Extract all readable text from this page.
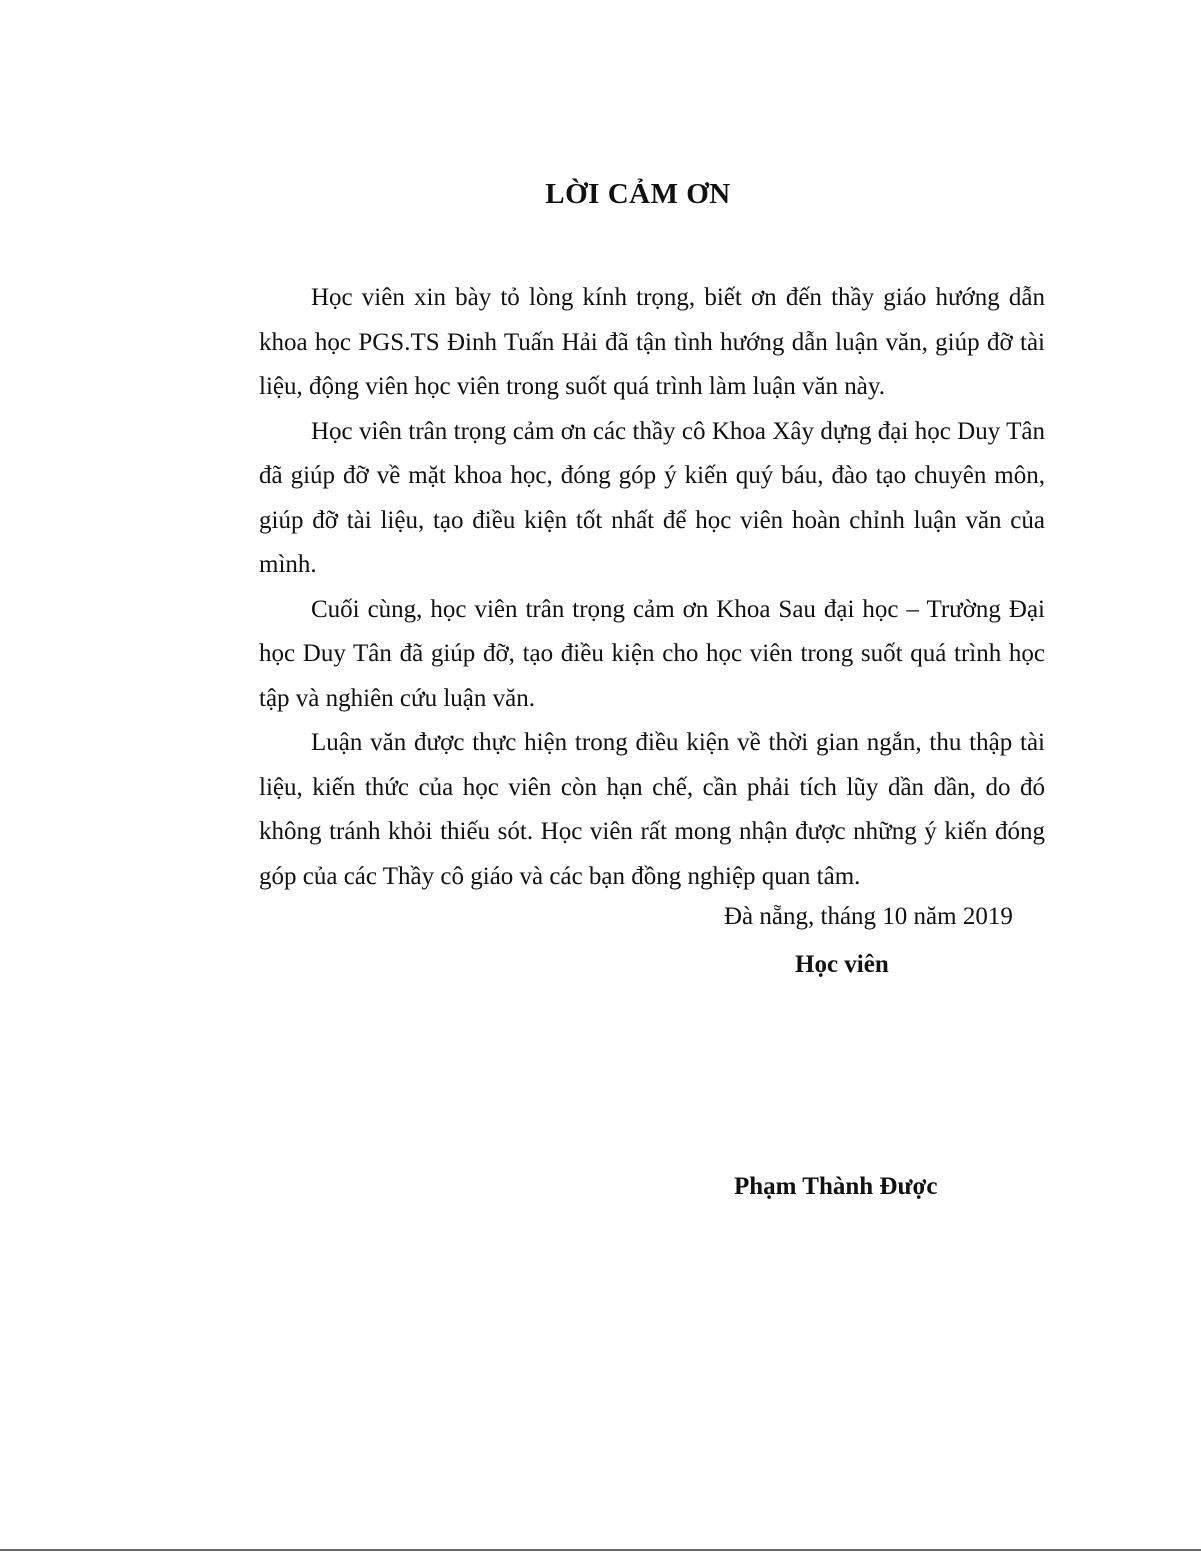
LỜI CẢM ƠN

Học viên xin bày tỏ lòng kính trọng, biết ơn đến thầy giáo hướng dẫn khoa học PGS.TS Đinh Tuấn Hải đã tận tình hướng dẫn luận văn, giúp đỡ tài liệu, động viên học viên trong suốt quá trình làm luận văn này.

Học viên trân trọng cảm ơn các thầy cô Khoa Xây dựng đại học Duy Tân đã giúp đỡ về mặt khoa học, đóng góp ý kiến quý báu, đào tạo chuyên môn, giúp đỡ tài liệu, tạo điều kiện tốt nhất để học viên hoàn chỉnh luận văn của mình.

Cuối cùng, học viên trân trọng cảm ơn Khoa Sau đại học – Trường Đại học Duy Tân đã giúp đỡ, tạo điều kiện cho học viên trong suốt quá trình học tập và nghiên cứu luận văn.

Luận văn được thực hiện trong điều kiện về thời gian ngắn, thu thập tài liệu, kiến thức của học viên còn hạn chế, cần phải tích lũy dần dần, do đó không tránh khỏi thiếu sót. Học viên rất mong nhận được những ý kiến đóng góp của các Thầy cô giáo và các bạn đồng nghiệp quan tâm.

Đà nẵng, tháng 10 năm 2019

Học viên

Phạm Thành Được
